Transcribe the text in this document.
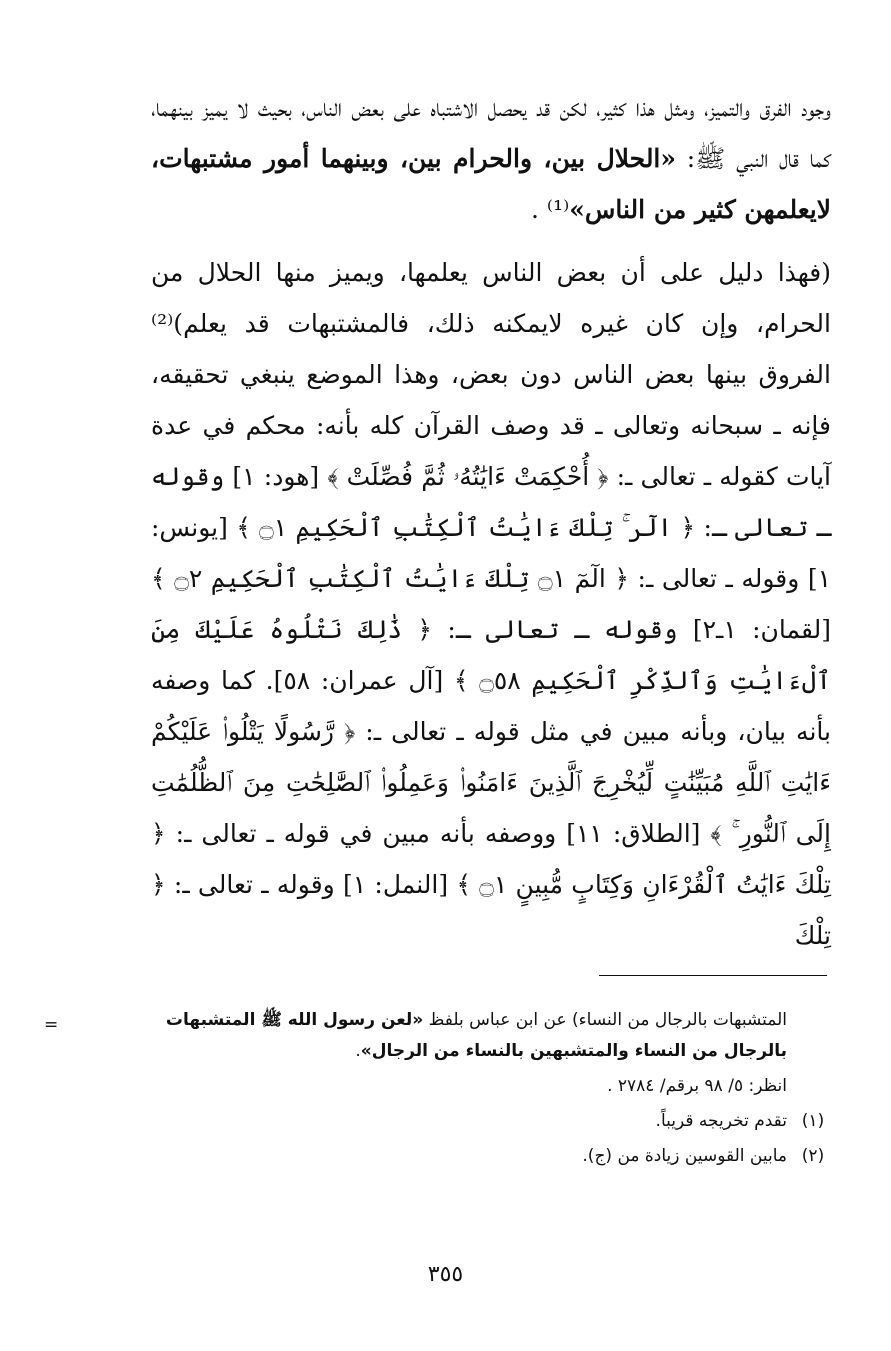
وجود الفرق والتميز، ومثل هذا كثير، لكن قد يحصل الاشتباه على بعض الناس، بحيث لا يميز بينهما، كما قال النبي ﷺ: «الحلال بين، والحرام بين، وبينهما أمور مشتبهات، لايعلمهن كثير من الناس»⁽¹⁾ .

(فهذا دليل على أن بعض الناس يعلمها، ويميز منها الحلال من الحرام، وإن كان غيره لايمكنه ذلك، فالمشتبهات قد يعلم)⁽²⁾ الفروق بينها بعض الناس دون بعض، وهذا الموضع ينبغي تحقيقه، فإنه ـ سبحانه وتعالى ـ قد وصف القرآن كله بأنه: محكم في عدة آيات كقوله ـ تعالى ـ: ﴿ أُحْكِمَتْ ءَايَٰتُهُۥ ثُمَّ فُصِّلَتْ ﴾ [هود: ١] وقوله ـ تعالى ـ: ﴿ الٓر ۚ تِلْكَ ءَايَٰتُ ٱلْكِتَٰبِ ٱلْحَكِيمِ ۝١ ﴾ [يونس: ١] وقوله ـ تعالى ـ: ﴿ الٓمٓ ۝١ تِلْكَ ءَايَٰتُ ٱلْكِتَٰبِ ٱلْحَكِيمِ ۝٢ ﴾ [لقمان: ١ـ٢] وقوله ـ تعالى ـ: ﴿ ذَٰلِكَ نَتْلُوهُ عَلَيْكَ مِنَ ٱلْءَايَٰتِ وَٱلذِّكْرِ ٱلْحَكِيمِ ۝٥٨ ﴾ [آل عمران: ٥٨]. كما وصفه بأنه بيان، وبأنه مبين في مثل قوله ـ تعالى ـ: ﴿ رَّسُولًا يَتْلُوا۟ عَلَيْكُمْ ءَايَٰتِ ٱللَّهِ مُبَيِّنَٰتٍ لِّيُخْرِجَ ٱلَّذِينَ ءَامَنُوا۟ وَعَمِلُوا۟ ٱلصَّٰلِحَٰتِ مِنَ ٱلظُّلُمَٰتِ إِلَى ٱلنُّورِ ۚ ﴾ [الطلاق: ١١] ووصفه بأنه مبين في قوله ـ تعالى ـ: ﴿ تِلْكَ ءَايَٰتُ ٱلْقُرْءَانِ وَكِتَابٍ مُّبِينٍ ۝١ ﴾ [النمل: ١] وقوله ـ تعالى ـ: ﴿ تِلْكَ

=	المتشبهات بالرجال من النساء) عن ابن عباس بلفظ «لعن رسول الله ﷺ المتشبهات بالرجال من النساء والمتشبهين بالنساء من الرجال».

انظر: ٥/ ٩٨ برقم/ ٢٧٨٤ .

(١)
تقدم تخريجه قريباً.

(٢)
مابين القوسين زيادة من (ج).

٣٥٥
